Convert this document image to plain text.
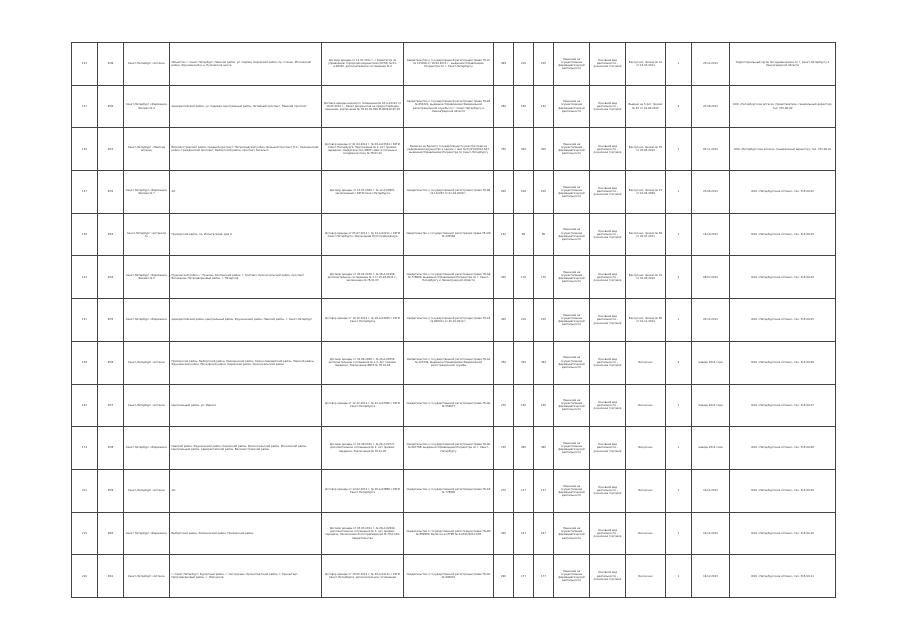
123	Ф49	Санкт-Петербург «Аптека»	Объектов: г. Санкт-Петербург, Невский район, ул. Седова, Кировский район, пр. Стачек, Московский район, Фрунзенский р-н, Пулковское шоссе	Договор аренды от 12.01.2011 г. с Комитетом по управлению городским имуществом (КУГИ) № 01-А-00245, дополнительное соглашение № 2	Свидетельство о государственной регистрации права 78-АГ № 123456 от 18.02.2011 г., выданное Управлением Росреестра по г. Санкт-Петербургу	499	210	210	Лицензия на осуществление фармацевтической деятельности	Основной вид деятельности – розничная торговля	Бессрочно, приказ № 12 от 15.03.2011	1	25.12.2013	Территориальный орган Росздравнадзора по г. Санкт-Петербургу и Ленинградской области
127	Ф50	Санкт-Петербург «Фармация» Филиал № 4	Адмиралтейский район, ул. Садовая, Центральный район, Литейный проспект, Невский проспект	Договор аренды нежилого помещения № 03-А-01122 от 10.05.2010 г., Пакет документов на предоставление лицензии, заключение № 78.01.01.000.М.000210.05.10	Свидетельство о государственной регистрации права 78-АЕ № 654321, выданное Управлением Федеральной регистрационной службы по г. Санкт-Петербургу и Ленинградской области	280	150	150	Лицензия на осуществление фармацевтической деятельности	Основной вид деятельности – розничная торговля	Выдано на 5 лет, приказ № 45 от 10.06.2010	2	23.09.2013	ООО «Петербургские аптеки» (представитель: генеральный директор), тел. 315-00-00
130	Ф51	Санкт-Петербург «Невские аптеки»	Василеостровский район, Средний проспект, Петроградский район, Большой проспект П.С., Калининский район, Гражданский проспект, Выборгский район, проспект Энгельса	Договор аренды от 01.04.2012 г. № 09-А-03344 с КУГИ Санкт-Петербурга, Приложение № 1, Акт приема-передачи, Свидетельство ФБУЗ «Центр гигиены и эпидемиологии» № 78.01.02	Выписка из Единого государственного реестра прав на недвижимое имущество и сделок с ним № 01/234/2012-567, выданная Управлением Росреестра по Санкт-Петербургу	750	300	300	Лицензия на осуществление фармацевтической деятельности	Основной вид деятельности – розничная торговля	Бессрочно, приказ № 78 от 20.04.2012	1	04.11.2013	ООО «Петербургские аптеки» (генеральный директор), тел. 315-00-01
137	Ф52	Санкт-Петербург «Фармация» Филиал № 7	АО	Договор аренды от 15.03.2009 г. № 12-А-00987, заключённый с КУГИ Санкт-Петербурга	Свидетельство о государственной регистрации права 78-АВ № 112233 от 01.04.2009 г.	200	100	100	Лицензия на осуществление фармацевтической деятельности	Основной вид деятельности – розничная торговля	Бессрочно, приказ № 23 от 10.04.2009	1	03.06.2013	ООО «Петербургские аптеки», тел. 315-00-02
139	Ф53	Санкт-Петербург «Аптека № 3»	Приморский район, пр. Испытателей, дом 6	Договор аренды от 05.07.2011 г. № 14-А-02211 с КУГИ Санкт-Петербурга, Заключение Роспотребнадзора	Свидетельство о государственной регистрации права 78-АЖ № 445566	150	80	80	Лицензия на осуществление фармацевтической деятельности	Основной вид деятельности – розничная торговля	Бессрочно, приказ № 56 от 20.07.2011	1	16.10.2013	ООО «Петербургские аптеки», тел. 315-00-03
143	Ф54	Санкт-Петербург «Фармация» Филиал № 9	Пушкинский район, г. Пушкин, Колпинский район, г. Колпино, Красносельский район, проспект Ветеранов, Петродворцовый район, г. Петергоф	Договор аренды от 20.02.2010 г. № 16-А-01999, дополнительное соглашение № 1 от 15.03.2011 г., заключение № 78.01.03	Свидетельство о государственной регистрации права 78-АД № 778899, выданное Управлением Росреестра по г. Санкт-Петербургу и Ленинградской области	320	170	170	Лицензия на осуществление фармацевтической деятельности	Основной вид деятельности – розничная торговля	Бессрочно, приказ № 34 от 01.03.2010	2	08.07.2013	ООО «Петербургские аптеки», тел. 315-00-04
151	Ф55	Санкт-Петербург «Фармация»	Адмиралтейский район, Центральный район, Фрунзенский район, Невский район, г. Санкт-Петербург	Договор аренды от 10.10.2012 г. № 18-А-04455 с КУГИ Санкт-Петербурга	Свидетельство о государственной регистрации права 78-АЗ № 990011 от 25.10.2012 г.	420	210	210	Лицензия на осуществление фармацевтической деятельности	Основной вид деятельности – розничная торговля	Бессрочно, приказ № 90 от 01.11.2012	1	05.12.2013	ООО «Петербургские аптеки», тел. 315-00-05
158	Ф56	Санкт-Петербург «Аптека»	Приморский район, Выборгский район, Калининский район, Красногвардейский район, Невский район, Фрунзенский район, Московский район, Кировский район, Красносельский район	Договор аренды от 01.06.2008 г. № 20-А-00555, дополнительные соглашения № 1-3, Акт приема-передачи, Заключение ФБУЗ № 78.01.04	Свидетельство о государственной регистрации права 78-АА № 223344, выданное Управлением Федеральной регистрационной службы	780	394	394	Лицензия на осуществление фармацевтической деятельности	Основной вид деятельности – розничная торговля	Бессрочно	2	январь 2014 года	ООО «Петербургские аптеки», тел. 315-00-06
162	Ф57	Санкт-Петербург «Аптека»	Центральный район, ул. Марата	Договор аренды от 12.12.2011 г. № 22-А-03366 с КУГИ Санкт-Петербурга	Свидетельство о государственной регистрации права 78-АИ № 556677	270	130	130	Лицензия на осуществление фармацевтической деятельности	Основной вид деятельности – розничная торговля	Бессрочно	1	январь 2014 года	ООО «Петербургские аптеки», тел. 315-00-07
174	Ф58	Санкт-Петербург «Фармация»	Невский район, Фрунзенский район, Кировский район, Красносельский район, Московский район, Центральный район, Адмиралтейский район, Василеостровский район	Договор аренды от 01.09.2010 г. № 24-А-02777, дополнительное соглашение № 2, Акт приема-передачи, Заключение № 78.01.05	Свидетельство о государственной регистрации права 78-АК № 667788, выданное Управлением Росреестра по г. Санкт-Петербургу	720	360	360	Лицензия на осуществление фармацевтической деятельности	Основной вид деятельности – розничная торговля	Бессрочно	1	январь 2014 года	ООО «Петербургские аптеки», тел. 315-00-08
211	Ф59	Санкт-Петербург «Аптека»	АО	Договор аренды от 14.02.2012 г. № 26-А-03888 с КУГИ Санкт-Петербурга	Свидетельство о государственной регистрации права 78-АЛ № 778800	270	137	137	Лицензия на осуществление фармацевтической деятельности	Основной вид деятельности – розничная торговля	Бессрочно	1	16.12.2013	ООО «Петербургские аптеки», тел. 315-00-09
215	Ф60	Санкт-Петербург «Фармация»	Выборгский район, Калининский район, Приморский район	Договор аренды от 03.03.2011 г. № 28-А-02999, дополнительное соглашение № 1, Акт приема-передачи, Заключение Роспотребнадзора № 78.01.06, Свидетельство	Свидетельство о государственной регистрации права 78-АМ № 889900, Выписка из ЕГРП № 01/345/2011-678	350	167	167	Лицензия на осуществление фармацевтической деятельности	Основной вид деятельности – розничная торговля	Бессрочно	1	16.12.2013	ООО «Петербургские аптеки», тел. 315-00-10
216	Ф61	Санкт-Петербург «Аптека»	г. Санкт-Петербург, Курортный район, г. Сестрорецк, Кронштадтский район, г. Кронштадт, Петродворцовый район, г. Ломоносов	Договор аренды от 18.05.2012 г. № 30-А-04111 с КУГИ Санкт-Петербурга, дополнительное соглашение	Свидетельство о государственной регистрации права 78-АН № 990022	290	177	177	Лицензия на осуществление фармацевтической деятельности	Основной вид деятельности – розничная торговля	Бессрочно	1	16.12.2013	ООО «Петербургские аптеки», тел. 315-00-11
